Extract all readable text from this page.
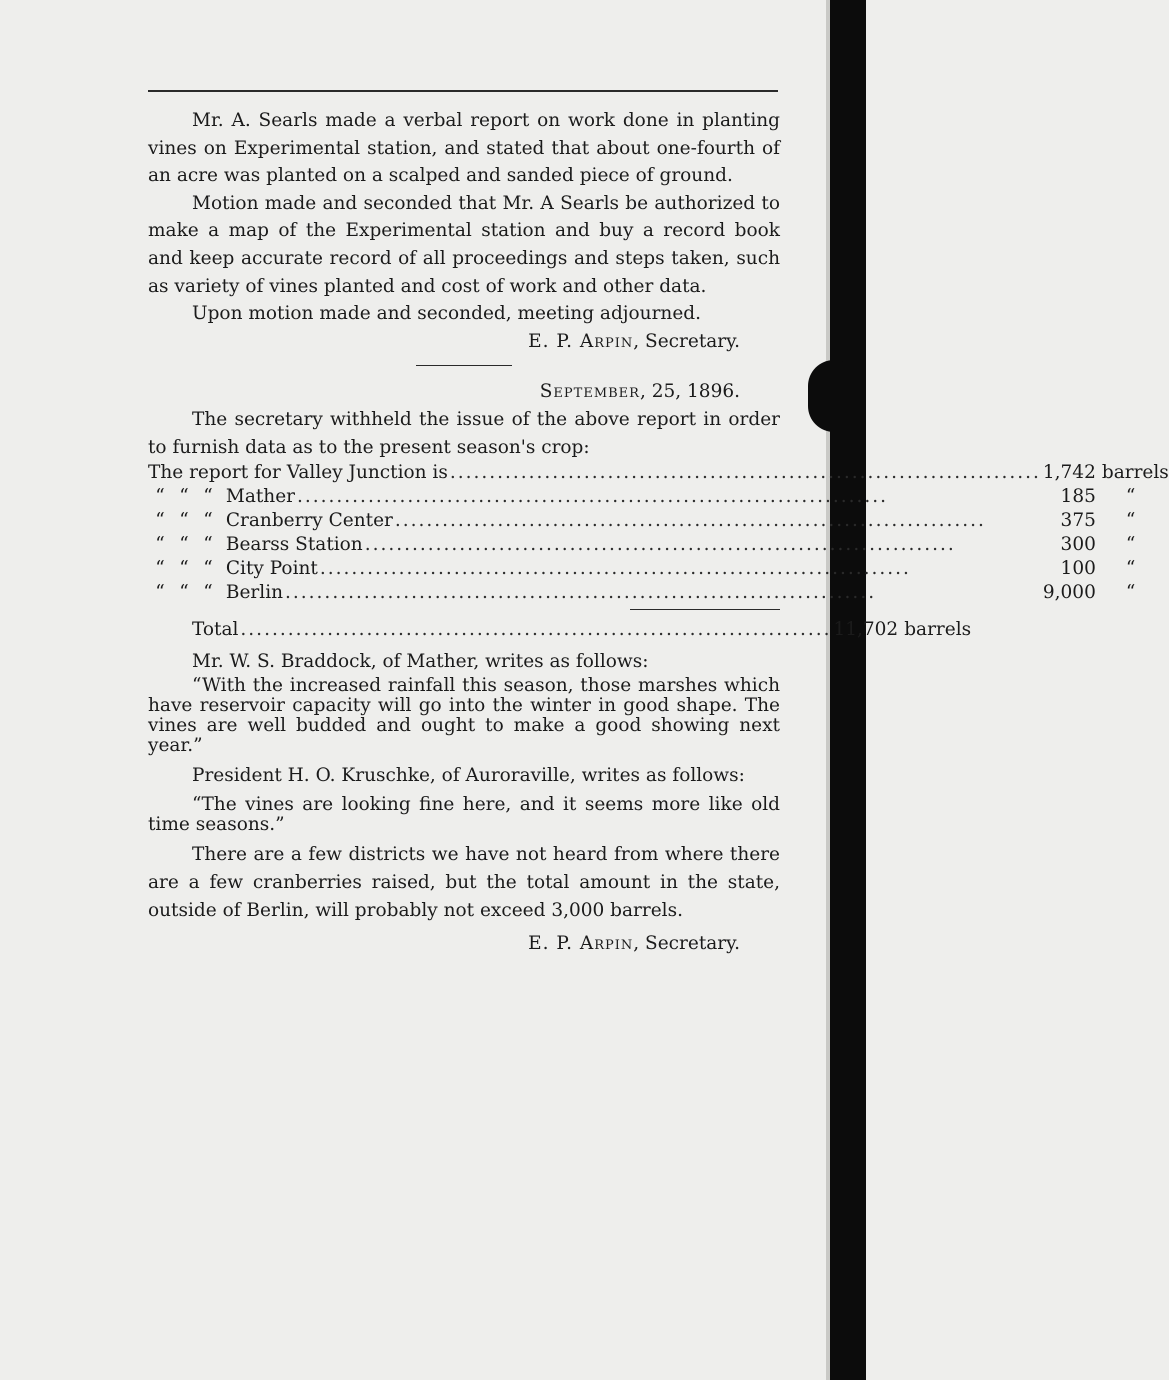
Mr. A. Searls made a verbal report on work done in planting vines on Experimental station, and stated that about one-fourth of an acre was planted on a scalped and sanded piece of ground.

Motion made and seconded that Mr. A Searls be authorized to make a map of the Experimental station and buy a record book and keep accurate record of all proceedings and steps taken, such as variety of vines planted and cost of work and other data.

Upon motion made and seconded, meeting adjourned.

E. P. Arpin, Secretary.

September, 25, 1896.

The secretary withheld the issue of the above report in order to furnish data as to the present season's crop:

The report for Valley Junction is ...........................................................................	1,742	barrels

“ “ “ Mather ...........................................................................	185	“

“ “ “ Cranberry Center ...........................................................................	375	“

“ “ “ Bearss Station ...........................................................................	300	“

“ “ “ City Point ...........................................................................	100	“

“ “ “ Berlin ...........................................................................	9,000	“
Total ...........................................................................	11,702	barrels

Mr. W. S. Braddock, of Mather, writes as follows:

“With the increased rainfall this season, those marshes which have reservoir capacity will go into the winter in good shape. The vines are well budded and ought to make a good showing next year.”

President H. O. Kruschke, of Auroraville, writes as follows:

“The vines are looking fine here, and it seems more like old time seasons.”

There are a few districts we have not heard from where there are a few cranberries raised, but the total amount in the state, outside of Berlin, will probably not exceed 3,000 barrels.

E. P. Arpin, Secretary.
